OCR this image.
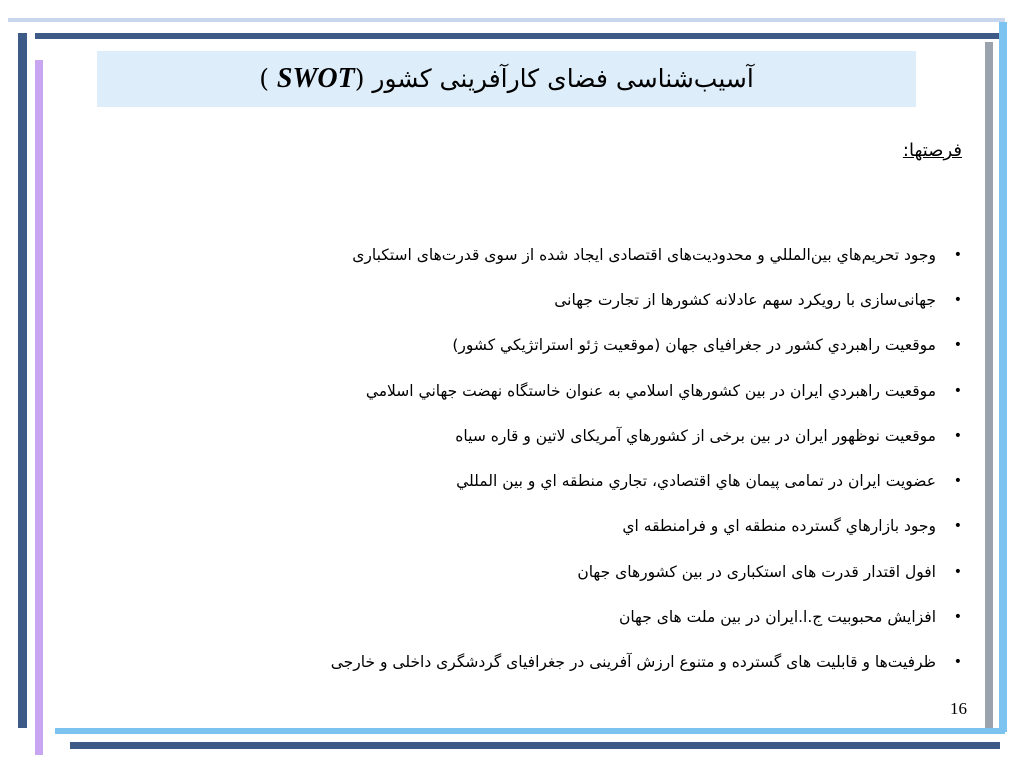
آسیب‌شناسی فضای کارآفرینی کشور (SWOT )
فرصتها:
•
وجود تحریم‌هاي بين‌المللي و محدوديت‌های اقتصادی ايجاد شده از سوی قدرت‌های استکباری
•
جهانی‌سازی با رويکرد سهم عادلانه کشورها از تجارت جهانی
•
موقعیت راهبردي کشور در جغرافیای جهان (موقعیت ژئو استراتژيكي کشور)
•
موقعيت راهبردي ايران در بين كشورهاي اسلامي به عنوان خاستگاه نهضت جهاني اسلامي
•
موقعيت نوظهور ايران در بين برخی از كشورهاي آمريکای لاتين و قاره سياه
•
عضويت ايران در تمامی پيمان هاي اقتصادي، تجاري منطقه اي و بين المللي
•
وجود بازارهاي گسترده منطقه اي و فرامنطقه اي
•
افول اقتدار قدرت های استکباری در بین کشورهای جهان
•
افزایش محبوبیت ج.ا.ایران در بین ملت های جهان
•
ظرفیت‌ها و قابلیت های گسترده و متنوع ارزش آفرینی در جغرافیای گردشگری داخلی و خارجی
16
